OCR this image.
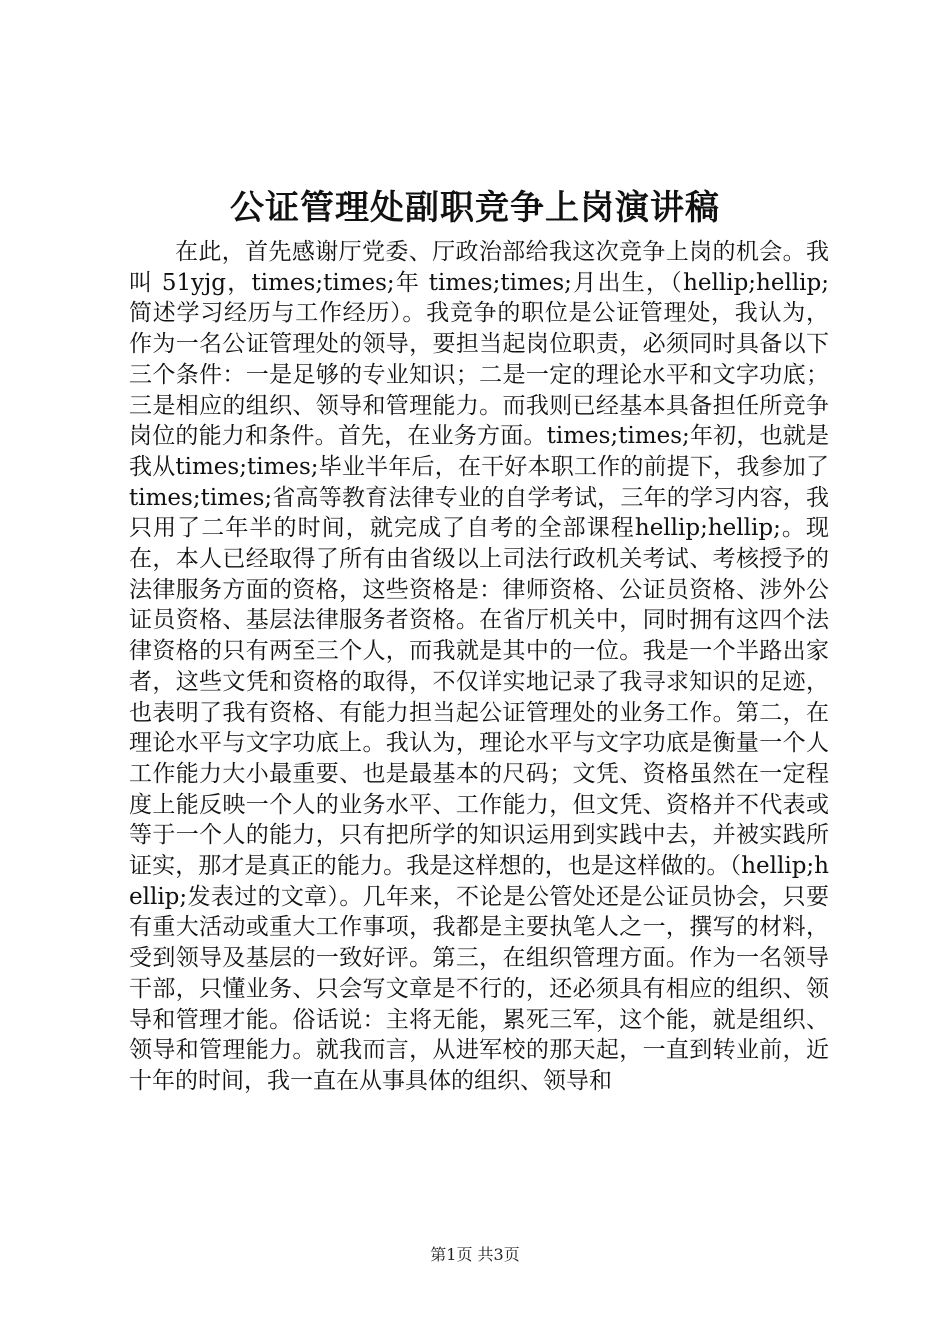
公证管理处副职竞争上岗演讲稿

在此，首先感谢厅党委、厅政治部给我这次竞争上岗的机会。我叫 51yjg，times;times;年 times;times;月出生，（hellip;hellip;简述学习经历与工作经历）。我竞争的职位是公证管理处，我认为，作为一名公证管理处的领导，要担当起岗位职责，必须同时具备以下三个条件：一是足够的专业知识；二是一定的理论水平和文字功底；三是相应的组织、领导和管理能力。而我则已经基本具备担任所竞争岗位的能力和条件。首先，在业务方面。times;times;年初，也就是我从times;times;毕业半年后，在干好本职工作的前提下，我参加了times;times;省高等教育法律专业的自学考试，三年的学习内容，我只用了二年半的时间，就完成了自考的全部课程hellip;hellip;。现在，本人已经取得了所有由省级以上司法行政机关考试、考核授予的法律服务方面的资格，这些资格是：律师资格、公证员资格、涉外公证员资格、基层法律服务者资格。在省厅机关中，同时拥有这四个法律资格的只有两至三个人，而我就是其中的一位。我是一个半路出家者，这些文凭和资格的取得，不仅详实地记录了我寻求知识的足迹，也表明了我有资格、有能力担当起公证管理处的业务工作。第二，在理论水平与文字功底上。我认为，理论水平与文字功底是衡量一个人工作能力大小最重要、也是最基本的尺码；文凭、资格虽然在一定程度上能反映一个人的业务水平、工作能力，但文凭、资格并不代表或等于一个人的能力，只有把所学的知识运用到实践中去，并被实践所证实，那才是真正的能力。我是这样想的，也是这样做的。（hellip;hellip;发表过的文章）。几年来，不论是公管处还是公证员协会，只要有重大活动或重大工作事项，我都是主要执笔人之一，撰写的材料，受到领导及基层的一致好评。第三，在组织管理方面。作为一名领导干部，只懂业务、只会写文章是不行的，还必须具有相应的组织、领导和管理才能。俗话说：主将无能，累死三军，这个能，就是组织、领导和管理能力。就我而言，从进军校的那天起，一直到转业前，近十年的时间，我一直在从事具体的组织、领导和

第1页 共3页
